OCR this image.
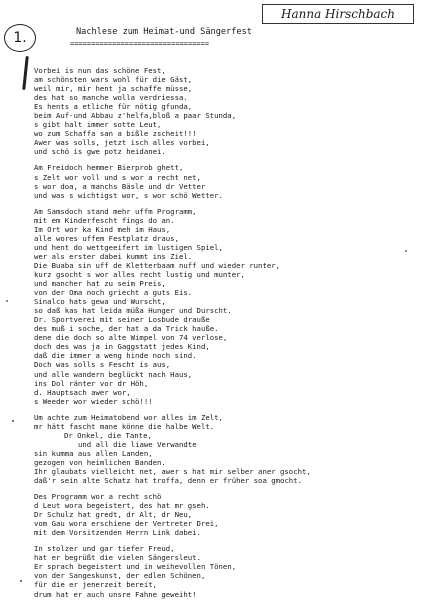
1.
Hanna Hirschbach
Nachlese zum Heimat-und Sängerfest
=================================
Vorbei is nun das schöne Fest,
am schönsten wars wohl für die Gäst,
weil mir, mir hent ja schaffe müsse,
des hat so manche wolla verdriessa.
Es hents a etliche für nötig gfunda,
beim Auf-und Abbau z'helfa,bloß a paar Stunda,
s gibt halt immer sotte Leut,
wo zum Schaffa san a bißle zscheit!!!
Awer was solls, jetzt isch alles vorbei,
und schö is gwe potz heidanei.
Am Freidoch hemmer Bierprob ghett,
s Zelt wor voll und s wor a recht net,
s wor doa, a manchs Bäsle und dr Vetter
und was s wichtigst wor, s wor schö Wetter.
Am Samsdoch stand mehr uffm Programm,
mit em Kinderfescht fings do an.
Im Ort wor ka Kind meh im Haus,
alle wores uffem Festplatz draus,
und hent do wettgeeifert im lustigen Spiel,
wer als erster dabei kummt ins Ziel.
Die Buaba sin uff de Kletterbaam nuff und wieder runter,
kurz gsocht s wor alles recht lustig und munter,
und mancher hat zu seim Preis,
von der Oma noch griecht a guts Eis.
Sinalco hats gewa und Wurscht,
so daß kas hat leida müßa Hunger und Durscht.
Dr. Sportverei mit seiner Losbude drauße
des muß i soche, der hat a da Trick hauße.
dene die doch so alte Wimpel von 74 verlose,
doch des was ja in Gaggstatt jedes Kind,
daß die immer a weng hinde noch sind.
Doch was solls s Fescht is aus,
und alle wandern beglückt nach Haus,
ins Dol ränter vor dr Höh,
d. Hauptsach awer wor,
s Weeder wor wieder schö!!!
Um achte zum Heimatobend wor alles im Zelt,
mr hätt fascht mane könne die halbe Welt.
Dr Onkel, die Tante,
und all die liawe Verwandte
sin kumma aus allen Landen,
gezogen von heimlichen Banden.
Ihr glaubats vielleicht net, awer s hat mir selber aner gsocht,
daß'r sein alte Schatz hat troffa, denn er früher soa gmocht.
Des Programm wor a recht schö
d Leut wora begeistert, des hat mr gseh.
Dr Schulz hat gredt, dr Alt, dr Neu,
vom Gau wora erschiene der Vertreter Drei,
mit dem Vorsitzenden Herrn Link dabei.
In stolzer und gar tiefer Freud,
hat er begrüßt die vielen Sängersleut.
Er sprach begeistert und in weihevollen Tönen,
von der Sangeskunst, der edlen Schönen,
für die er jenerzeit bereit,
drum hat er auch unsre Fahne geweiht!
